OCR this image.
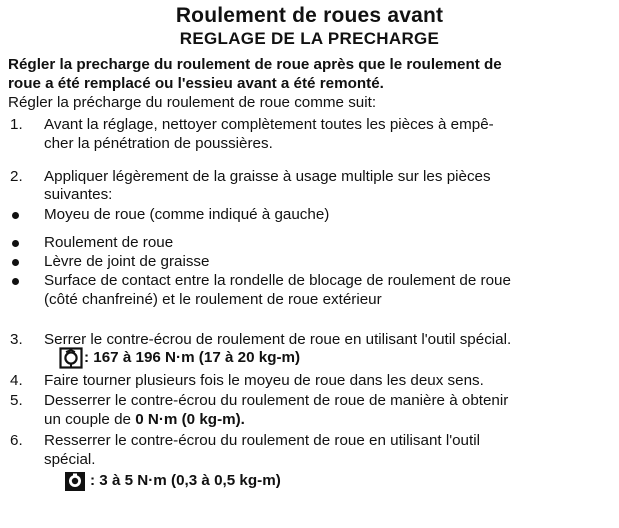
Roulement de roues avant
REGLAGE DE LA PRECHARGE
Régler la precharge du roulement de roue après que le roulement de
roue a été remplacé ou l'essieu avant a été remonté.
Régler la précharge du roulement de roue comme suit:
1. Avant la réglage, nettoyer complètement toutes les pièces à empê-
cher la pénétration de poussières.
2. Appliquer légèrement de la graisse à usage multiple sur les pièces
suivantes:
Moyeu de roue (comme indiqué à gauche)
Roulement de roue
Lèvre de joint de graisse
Surface de contact entre la rondelle de blocage de roulement de roue
(côté chanfreiné) et le roulement de roue extérieur
3. Serrer le contre-écrou de roulement de roue en utilisant l'outil spécial.
: 167 à 196 N·m (17 à 20 kg-m)
4. Faire tourner plusieurs fois le moyeu de roue dans les deux sens.
5. Desserrer le contre-écrou du roulement de roue de manière à obtenir
un couple de 0 N·m (0 kg-m).
6. Resserrer le contre-écrou du roulement de roue en utilisant l'outil
spécial.
: 3 à 5 N·m (0,3 à 0,5 kg-m)
